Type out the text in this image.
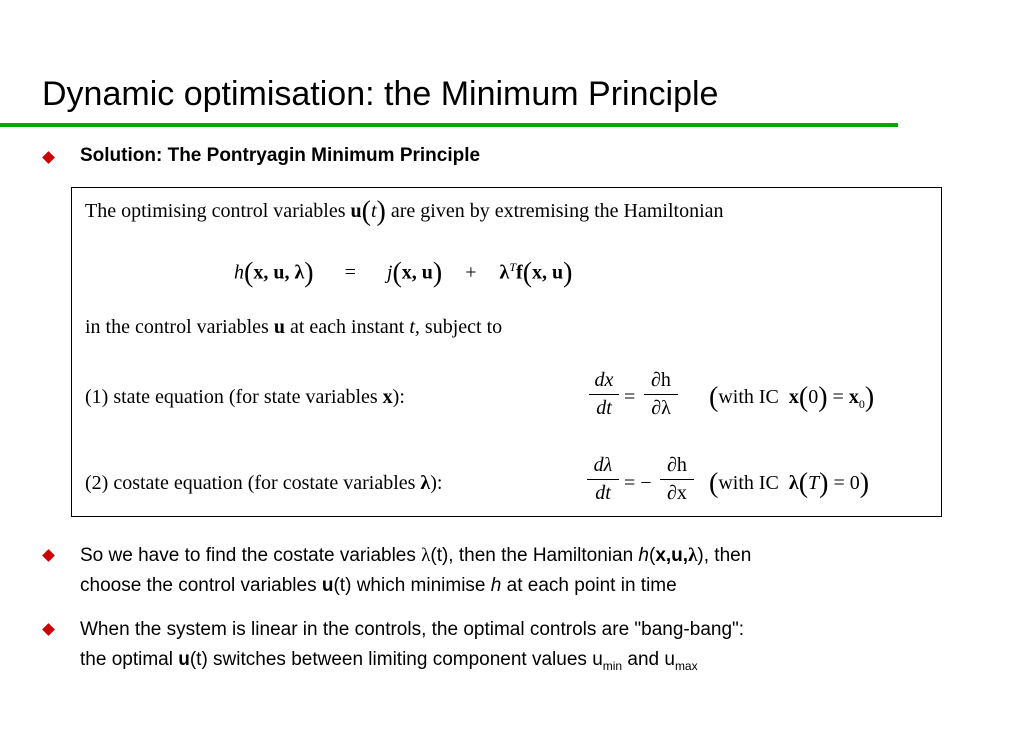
Dynamic optimisation: the Minimum Principle
Solution: The Pontryagin Minimum Principle
The optimising control variables u(t) are given by extremising the Hamiltonian
h(x, u, λ) = j(x, $u) + \lambda^Tf(x$, u)
in the control variables u at each instant t, subject to
(1) state equation (for state variables x):
dx
dt =
∂h
∂λ (with IC $x(0) = x_0$)
(2) costate equation (for costate variables λ):
dλ
dt = −
∂h
∂x (with IC λ(T) = 0)
So we have to find the costate variables λ(t), then the Hamiltonian h(x,u,λ), then
choose the control variables u(t) which minimise h at each point in time
When the system is linear in the controls, the optimal controls are "bang-bang":
the optimal u(t) switches between limiting component values $u_{min}$ and $u_{max}$
